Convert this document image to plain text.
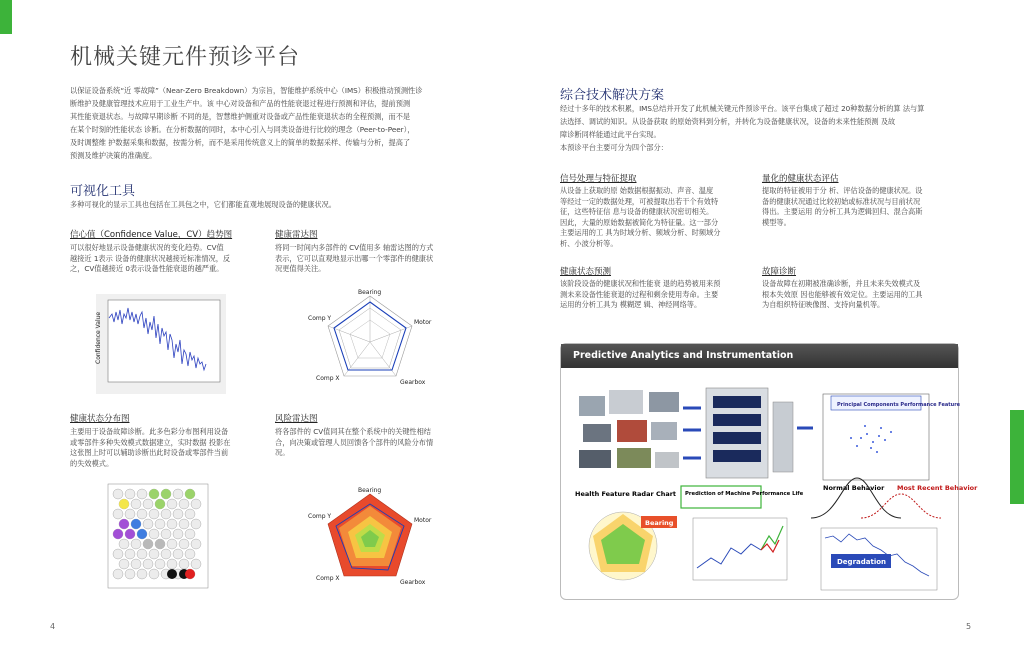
机械关键元件预诊平台
以保证设备系统“近 零故障”（Near-Zero Breakdown）为宗旨，智能维护系统中心（IMS）积极推动预测性诊
断维护及健康管理技术应用于工业生产中。该 中心对设备和产品的性能衰退过程进行预测和评估，提前预测
其性能衰退状态。与故障早期诊断 不同的是，智慧维护侧重对设备或产品性能衰退状态的全程预测，而不是
在某个时刻的性能状态 诊断。在分析数据的同时，本中心引入与同类设备进行比较的理念（Peer-to-Peer），
及时调整维 护数据采集和数据，按需分析，而不是采用传统意义上的简单的数据采样、传输与分析，提高了
预测及维护决策的准确度。
可视化工具
多种可视化的显示工具也包括在工具包之中，它们都能直观地展现设备的健康状况。
信心值（Confidence Value，CV）趋势图
可以很好地显示设备健康状况的变化趋势。CV值
越接近 1表示 设备的健康状况越接近标准情况，反
之，CV值越接近 0表示设备性能衰退的越严重。
健康雷达图
将同一时间内多部件的 CV值用多 轴雷达图的方式
表示，它可以直观地显示出哪一个零部件的健康状
况更值得关注。
Confidence Value
Bearing
Motor
Gearbox
Comp X
Comp Y
健康状态分布图
主要用于设备故障诊断。此多色彩分布图利用设备
或零部件多种失效模式数据建立，实时数据 投影在
这张图上时可以辅助诊断出此时设备或零部件当前
的失效模式。
风险雷达图
将各部件的 CV值同其在整个系统中的关键性相结
合，向决策或管理人员回馈各个部件的风险分布情
况。
Bearing
Motor
Gearbox
Comp X
Comp Y
4
综合技术解决方案
经过十多年的技术积累，IMS总结并开发了此机械关键元件预诊平台。该平台集成了超过 20种数据分析的算 法与算
法选择、调试的知识。从设备获取 的原始资料到分析，并转化为设备健康状况，设备的未来性能预测 及故
障诊断同样能通过此平台实现。
本预诊平台主要可分为四个部分：
信号处理与特征提取
从设备上获取的原 始数据根据振动、声音、温度
等经过一定的数据处理，可被提取出若干个有效特
征，这些特征信 息与设备的健康状况密切相关。
因此，大量的原始数据被简化为特征量。这一部分
主要运用的工 具为时域分析、频域分析、时频域分
析、小波分析等。
量化的健康状态评估
提取的特征被用于分 析、评估设备的健康状况。设
备的健康状况通过比较初始或标准状况与目前状况
得出。主要运用 的分析工具为逻辑回归、混合高斯
模型等。
健康状态预测
该阶段设备的健康状况和性能衰 退的趋势被用来预
测未来设备性能衰退的过程和剩余使用寿命。主要
运用的分析工具为 模糊逻 辑、神经网络等。
故障诊断
设备故障在初期被准确诊断，并且未来失效模式及
根本失效原 因也能够被有效定位。主要运用的工具
为自组织特征映像图、支持向量机等。
Predictive Analytics and Instrumentation
Principal Components Performance Feature
Health Feature Radar Chart
Bearing
Prediction of Machine Performance Life
Normal Behavior Most Recent Behavior
Degradation
5
